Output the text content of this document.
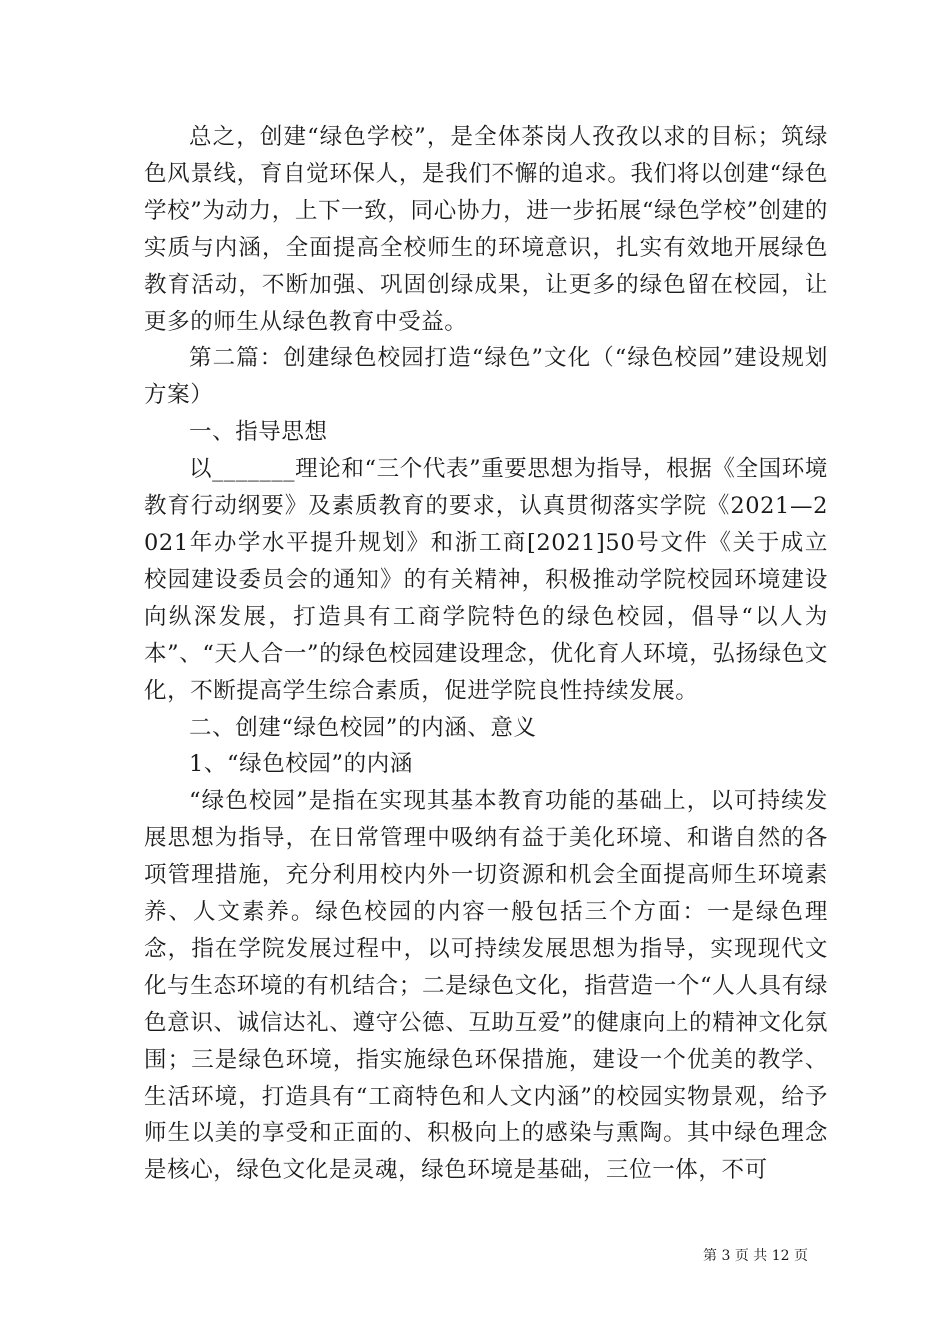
总之，创建“绿色学校”，是全体茶岗人孜孜以求的目标；筑绿色风景线，育自觉环保人，是我们不懈的追求。我们将以创建“绿色学校”为动力，上下一致，同心协力，进一步拓展“绿色学校”创建的实质与内涵，全面提高全校师生的环境意识，扎实有效地开展绿色教育活动，不断加强、巩固创绿成果，让更多的绿色留在校园，让更多的师生从绿色教育中受益。

第二篇：创建绿色校园打造“绿色”文化（“绿色校园”建设规划方案）

一、指导思想

以_______理论和“三个代表”重要思想为指导，根据《全国环境教育行动纲要》及素质教育的要求，认真贯彻落实学院《2021—2021年办学水平提升规划》和浙工商[2021]50号文件《关于成立校园建设委员会的通知》的有关精神，积极推动学院校园环境建设向纵深发展，打造具有工商学院特色的绿色校园，倡导“以人为本”、“天人合一”的绿色校园建设理念，优化育人环境，弘扬绿色文化，不断提高学生综合素质，促进学院良性持续发展。

二、创建“绿色校园”的内涵、意义

1、“绿色校园”的内涵

“绿色校园”是指在实现其基本教育功能的基础上，以可持续发展思想为指导，在日常管理中吸纳有益于美化环境、和谐自然的各项管理措施，充分利用校内外一切资源和机会全面提高师生环境素养、人文素养。绿色校园的内容一般包括三个方面：一是绿色理念，指在学院发展过程中，以可持续发展思想为指导，实现现代文化与生态环境的有机结合；二是绿色文化，指营造一个“人人具有绿色意识、诚信达礼、遵守公德、互助互爱”的健康向上的精神文化氛围；三是绿色环境，指实施绿色环保措施，建设一个优美的教学、生活环境，打造具有“工商特色和人文内涵”的校园实物景观，给予师生以美的享受和正面的、积极向上的感染与熏陶。其中绿色理念是核心，绿色文化是灵魂，绿色环境是基础，三位一体，不可

第 3 页 共 12 页
